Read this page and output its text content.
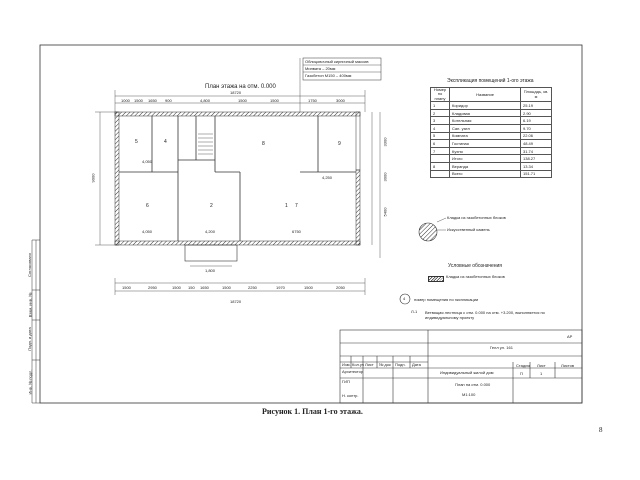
План этажа на отм. 0.000
18720
18720
9000
3300
3000
5400
1000 1500 1650 900	4,800	1500	1500	1750	3000
1500	2950	1500 150 1650	1500	2250	1970	1500	2050
4,050	4,200	6750
4,050
4,250
1,800
Облицовочный кирпичный массив
Минвата – 20мм
Газобетон М150 – 400мм
1
2
4
5
6	7
8	9
Экспликация помещений 1-ого этажа
Номер по плану	Название	Площадь, кв. м
1	Коридор	25.19
2	Кладовая	2.90
3	Котельная	6.19
4	Сан. узел	9.70
5	Комната	22.06
6	Гостиная	48.49
7	Кухня	31.74
	Итого	138.27
8	Веранда	13.34
	Всего	151.71
Кладка из газобетонных блоков
Искусственный камень
Условные обозначения
Кладка из газобетонных блоков
4 номер помещения по экспликации
Л-1 Ветвящая лестница с отм. 0.000 на отм. +3.200, выполняется по индивидуальному проекту
АР
Гелл ул. 161
Индивидуальный жилой дом
План на отм. 0.000
М1:100
Стадия Лист	Листов
П	1
Изм. Кол.уч Лист № док Подп. Дата
Архитектор
ГИП
Н. контр.
Инв. № подл.
Подп. и дата
Взам. инв. №
Согласовано
Рисунок 1. План 1-го этажа.
8
